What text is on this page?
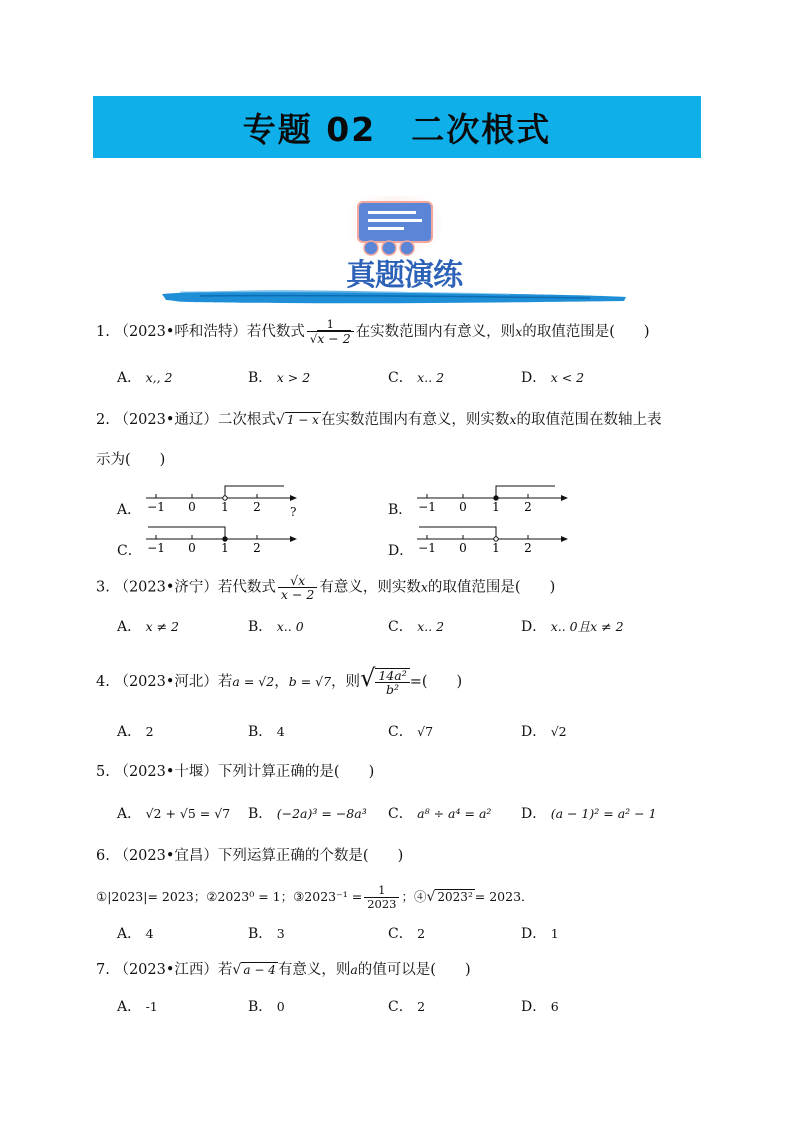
专题 02　二次根式
真题演练
1. （2023•呼和浩特）若代数式 $\frac{1}{√x - 2}$ 在实数范围内有意义，则x的取值范围是(　　)
A． x,, 2	B． x > 2	C． x.. 2	D． x < 2
2. （2023•通辽）二次根式√ 1 − x 在实数范围内有意义，则实数x的取值范围在数轴上表
示为(　　)
A． −1 0 1 2 ?	B． −1 0 1 2
C． −1 0 1 2	D． −1 0 1 2
3. （2023•济宁）若代数式 $\frac{√x}{x - 2}$ 有意义，则实数x的取值范围是(　　)
A． x ≠ 2	B． x.. 0	C． x.. 2	D． x.. 0且x ≠ 2
4. （2023•河北）若a = √2，b = √7，则√ $\frac{\text{14a²}}{\text{b²}}$ =(　　)
A． 2	B． 4	C． √7	D． √2
5. （2023•十堰）下列计算正确的是(　　)
A． √2 + √5 = √7 B． (−2a)³ = −8a³ C． a⁸ ÷ a⁴ = a² D． (a − 1)² = a² − 1
6. （2023•宜昌）下列运算正确的个数是(　　)
①|2023|= 2023；②2023⁰ = 1；③2023⁻¹ = $\frac{1}{2023}$ ；④√ 2023² = 2023．
A． 4	B． 3	C． 2	D． 1
7. （2023•江西）若√ a − 4 有意义，则a的值可以是(　　)
A． -1	B． 0	C． 2	D． 6
